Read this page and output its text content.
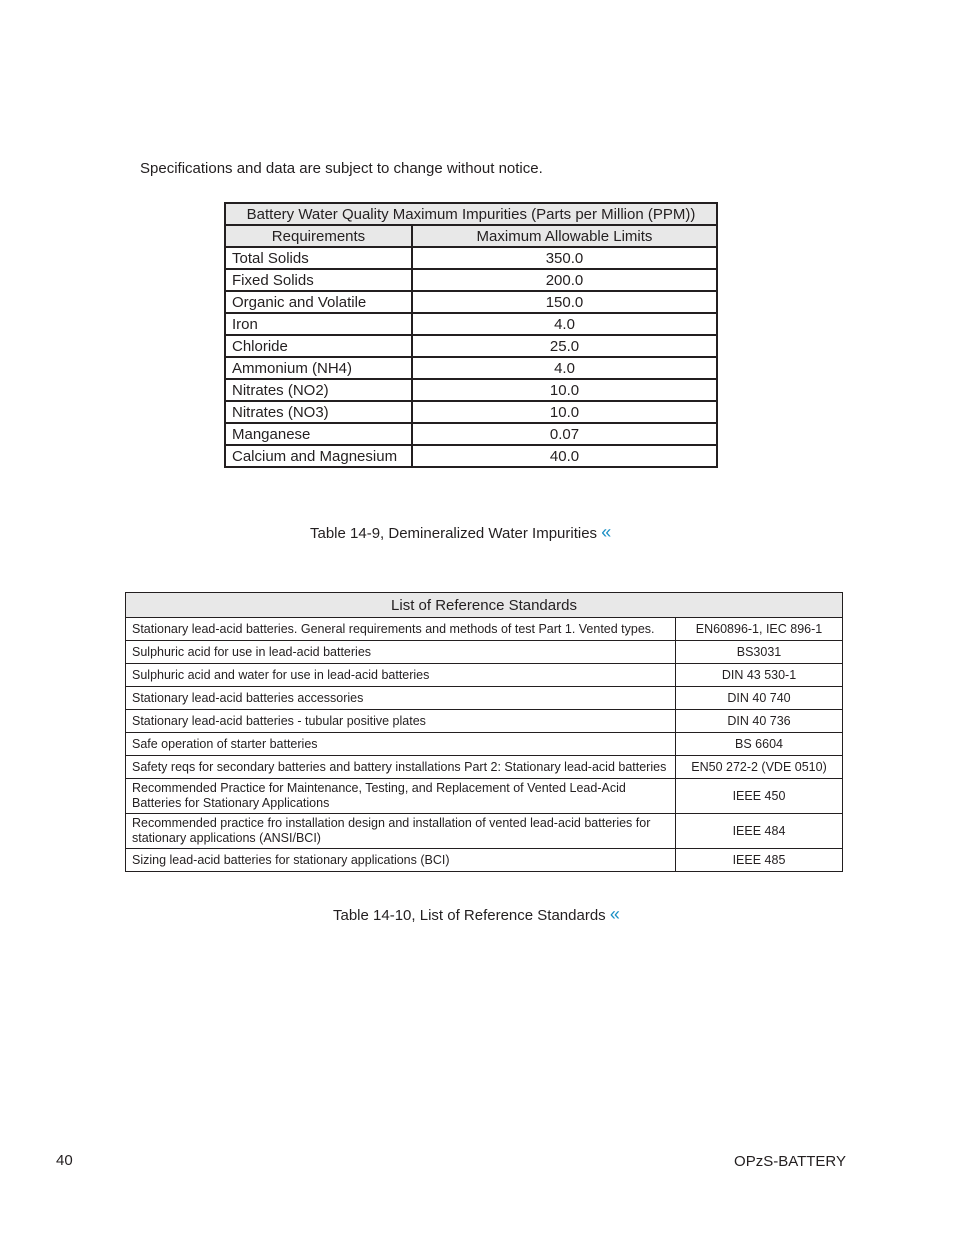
Specifications and data are subject to change without notice.
Battery Water Quality Maximum Impurities (Parts per Million (PPM))	
Requirements	Maximum Allowable Limits
Total Solids	350.0
Fixed Solids	200.0
Organic and Volatile	150.0
Iron	4.0
Chloride	25.0
Ammonium (NH4)	4.0
Nitrates (NO2)	10.0
Nitrates (NO3)	10.0
Manganese	0.07
Calcium and Magnesium	40.0
Table 14-9, Demineralized Water Impurities «
List of Reference Standards	
Stationary lead-acid batteries. General requirements and methods of test Part 1. Vented types.	EN60896-1, IEC 896-1
Sulphuric acid for use in lead-acid batteries	BS3031
Sulphuric acid and water for use in lead-acid batteries	DIN 43 530-1
Stationary lead-acid batteries accessories	DIN 40 740
Stationary lead-acid batteries - tubular positive plates	DIN 40 736
Safe operation of starter batteries	BS 6604
Safety reqs for secondary batteries and battery installations Part 2: Stationary lead-acid batteries	EN50 272-2 (VDE 0510)
Recommended Practice for Maintenance, Testing, and Replacement of Vented Lead-Acid Batteries for Stationary Applications	IEEE 450
Recommended practice fro installation design and installation of vented lead-acid batteries for stationary applications (ANSI/BCI)	IEEE 484
Sizing lead-acid batteries for stationary applications (BCI)	IEEE 485
Table 14-10, List of Reference Standards «
40	OPzS-BATTERY
